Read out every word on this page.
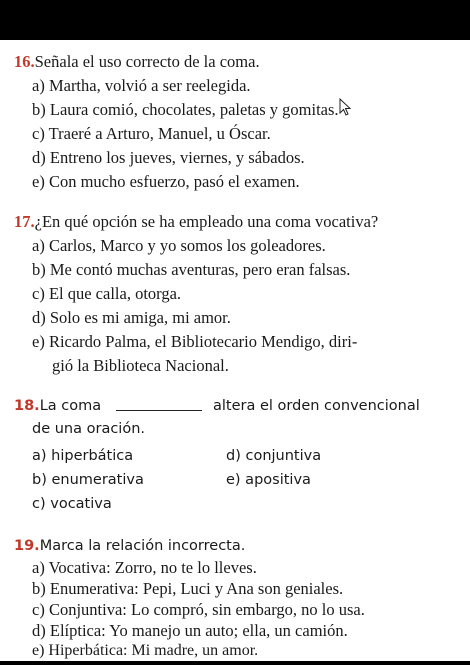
16.Señala el uso correcto de la coma.
a) Martha, volvió a ser reelegida.
b) Laura comió, chocolates, paletas y gomitas.
c) Traeré a Arturo, Manuel, u Óscar.
d) Entreno los jueves, viernes, y sábados.
e) Con mucho esfuerzo, pasó el examen.
17.¿En qué opción se ha empleado una coma vocativa?
a) Carlos, Marco y yo somos los goleadores.
b) Me contó muchas aventuras, pero eran falsas.
c) El que calla, otorga.
d) Solo es mi amiga, mi amor.
e) Ricardo Palma, el Bibliotecario Mendigo, diri-
gió la Biblioteca Nacional.
18.La coma	altera el orden convencional
de una oración.
a) hiperbática	d) conjuntiva
b) enumerativa	e) apositiva
c) vocativa
19.Marca la relación incorrecta.
a) Vocativa: Zorro, no te lo lleves.
b) Enumerativa: Pepi, Luci y Ana son geniales.
c) Conjuntiva: Lo compró, sin embargo, no lo usa.
d) Elíptica: Yo manejo un auto; ella, un camión.
e) Hiperbática: Mi madre, un amor.
